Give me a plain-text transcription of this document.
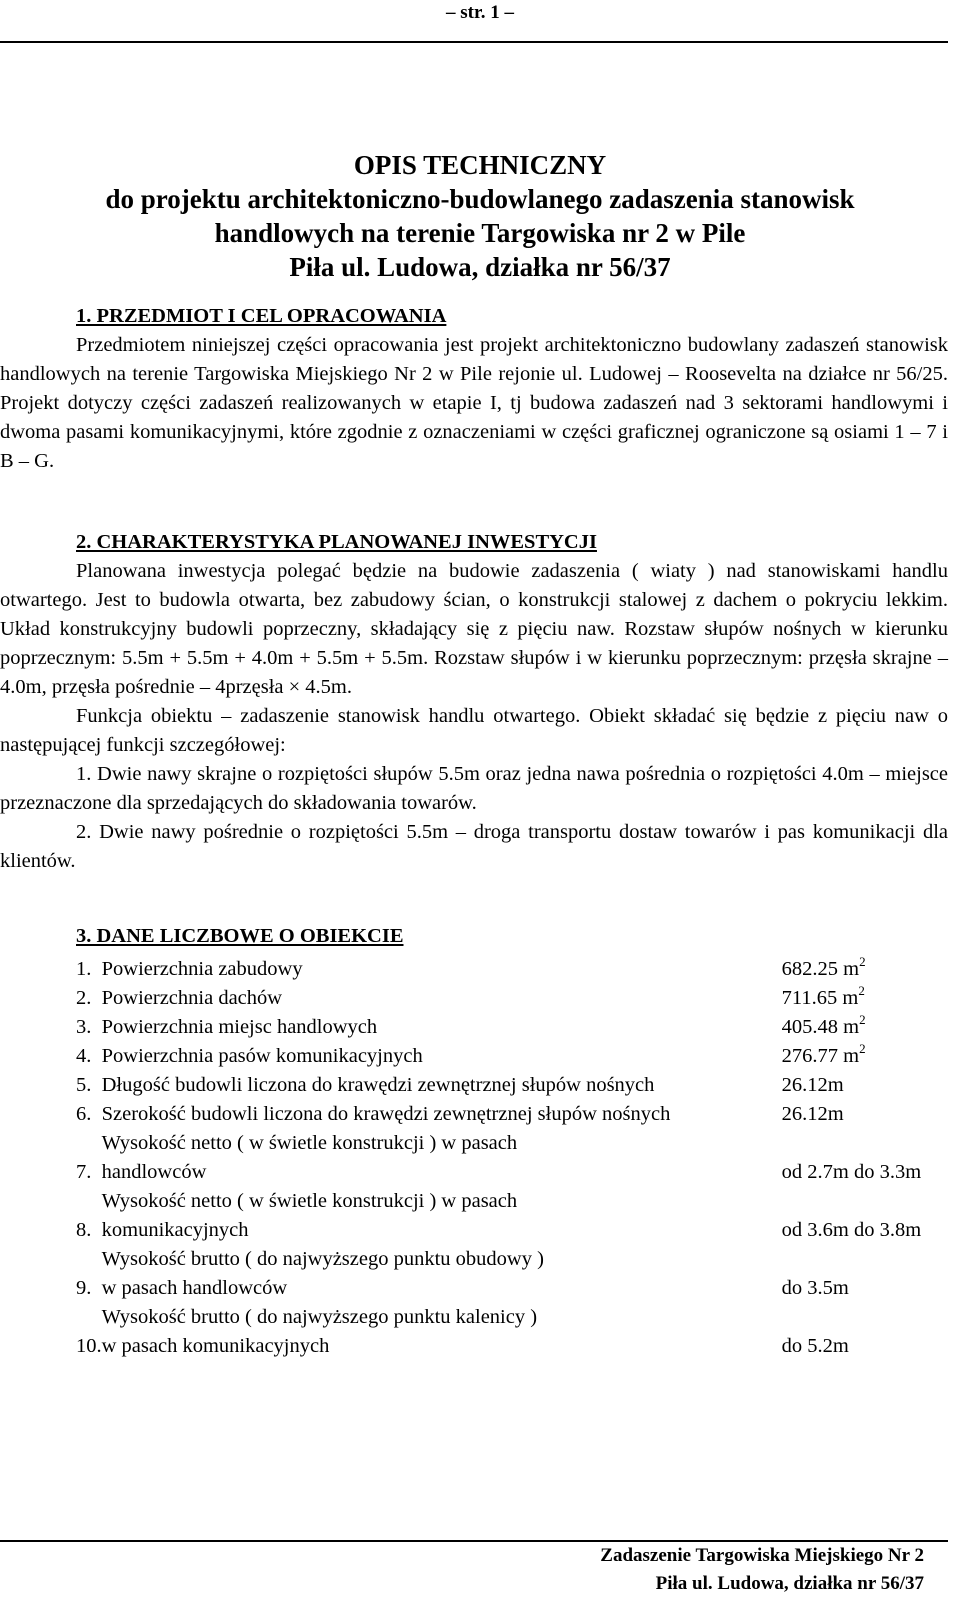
– str. 1 –
OPIS TECHNICZNY
do projektu architektoniczno-budowlanego zadaszenia stanowisk
handlowych na terenie Targowiska nr 2 w Pile
Piła ul. Ludowa, działka nr 56/37
1. PRZEDMIOT I CEL OPRACOWANIA

Przedmiotem niniejszej części opracowania jest projekt architektoniczno budowlany zadaszeń stanowisk handlowych na terenie Targowiska Miejskiego Nr 2 w Pile rejonie ul. Ludowej – Roosevelta na działce nr 56/25. Projekt dotyczy części zadaszeń realizowanych w etapie I, tj budowa zadaszeń nad 3 sektorami handlowymi i dwoma pasami komunikacyjnymi, które zgodnie z oznaczeniami w części graficznej ograniczone są osiami 1 – 7 i B – G.

2. CHARAKTERYSTYKA PLANOWANEJ INWESTYCJI

Planowana inwestycja polegać będzie na budowie zadaszenia ( wiaty ) nad stanowiskami handlu otwartego. Jest to budowla otwarta, bez zabudowy ścian, o konstrukcji stalowej z dachem o pokryciu lekkim. Układ konstrukcyjny budowli poprzeczny, składający się z pięciu naw. Rozstaw słupów nośnych w kierunku poprzecznym: 5.5m + 5.5m + 4.0m + 5.5m + 5.5m. Rozstaw słupów i w kierunku poprzecznym: przęsła skrajne – 4.0m, przęsła pośrednie – 4przęsła × 4.5m.

Funkcja obiektu – zadaszenie stanowisk handlu otwartego. Obiekt składać się będzie z pięciu naw o następującej funkcji szczegółowej:

1. Dwie nawy skrajne o rozpiętości słupów 5.5m oraz jedna nawa pośrednia o rozpiętości 4.0m – miejsce przeznaczone dla sprzedających do składowania towarów.

2. Dwie nawy pośrednie o rozpiętości 5.5m – droga transportu dostaw towarów i pas komunikacji dla klientów.

3. DANE LICZBOWE O OBIEKCIE
1.	Powierzchnia zabudowy	682.25 $m^2$
2.	Powierzchnia dachów	711.65 $m^2$
3.	Powierzchnia miejsc handlowych	405.48 $m^2$
4.	Powierzchnia pasów komunikacyjnych	276.77 $m^2$
5.	Długość budowli liczona do krawędzi zewnętrznej słupów nośnych	26.12m
6.	Szerokość budowli liczona do krawędzi zewnętrznej słupów nośnych	26.12m
7.	Wysokość netto ( w świetle konstrukcji ) w pasach
handlowców	od 2.7m do 3.3m
8.	Wysokość netto ( w świetle konstrukcji ) w pasach
komunikacyjnych	od 3.6m do 3.8m
9.	Wysokość brutto ( do najwyższego punktu obudowy )
w pasach handlowców	do 3.5m
10.	Wysokość brutto ( do najwyższego punktu kalenicy )
w pasach komunikacyjnych	do 5.2m
Zadaszenie Targowiska Miejskiego Nr 2
Piła ul. Ludowa, działka nr 56/37
